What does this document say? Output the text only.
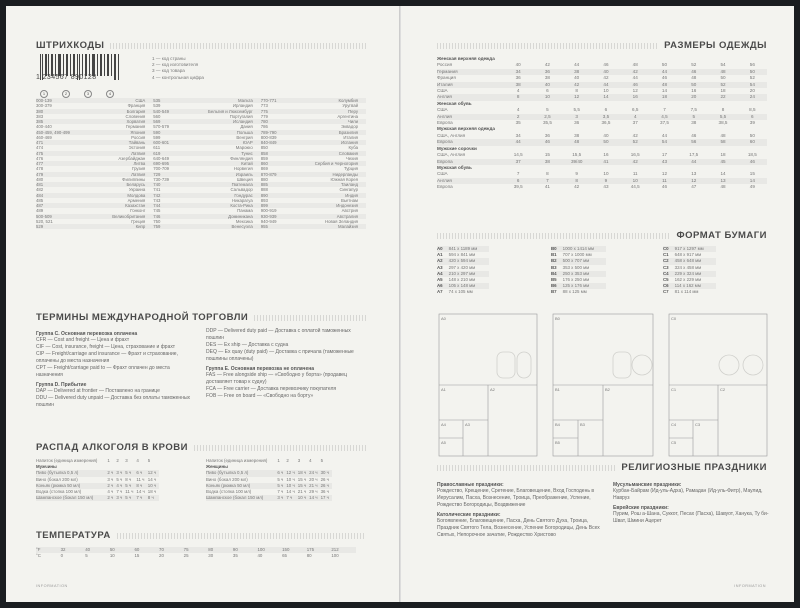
ШТРИХКОДЫ
1 234567 890128
1	2	3	4
1 — код страны
2 — код изготовителя
3 — код товара
4 — контрольная цифра
000-139	США	535	Мальта	770-771	Колумбия
300-379	Франция	539	Ирландия	773	Уругвай
380	Болгария	540-549	Бельгия и Люксембург	775	Перу
383	Словения	560	Португалия	779	Аргентина
385	Хорватия	569	Исландия	780	Чили
400-440	Германия	570-579	Дания	786	Эквадор
450-459, 490-499	Япония	590	Польша	789-790	Бразилия
460-469	Россия	599	Венгрия	800-839	Италия
471	Тайвань	600-601	ЮАР	840-849	Испания
474	Эстония	611	Марокко	850	Куба
475	Латвия	619	Тунис	858	Словакия
476	Азербайджан	640-649	Финляндия	859	Чехия
477	Литва	690-695	Китай	860	Сербия и Черногория
478	Грузия	700-709	Норвегия	869	Турция
479	Латвия	729	Израиль	870-879	Нидерланды
480	Филиппины	730-739	Швеция	880	Южная Корея
481	Беларусь	740	Гватемала	885	Таиланд
482	Украина	741	Сальвадор	888	Сингапур
484	Молдова	742	Гондурас	890	Индия
485	Армения	743	Никарагуа	893	Вьетнам
487	Казахстан	744	Коста-Рика	899	Индонезия
489	Гонконг	745	Панама	900-919	Австрия
500-509	Великобритания	746	Доминикана	930-939	Австралия
520, 521	Греция	750	Мексика	940-949	Новая Зеландия
529	Кипр	759	Венесуэла	955	Малайзия
ТЕРМИНЫ МЕЖДУНАРОДНОЙ ТОРГОВЛИ
Группа C. Основная перевозка оплачена
CFR — Cost and freight — Цена и фрахт
CIF — Cost, insurance, freight — Цена, страхование и фрахт
CIP — Freight/carriage and insurance — Фрахт и страхование, оплачены до места назначения
CPT — Freight/carriage paid to — Фрахт оплачен до места назначения
Группа D. Прибытие
DAP — Delivered at frontier — Поставлено на границе
DDU — Delivered duty unpaid — Доставка без оплаты таможенных пошлин
DDP — Delivered duty paid — Доставка с оплатой таможенных пошлин
DES — Ex ship — Доставка с судна
DEQ — Ex quay (duty paid) — Доставка с причала (таможенные пошлины оплачены)
Группа E. Основная перевозка не оплачена
FAS — Free alongside ship — «Свободно у борта» (продавец доставляет товар к судну)
FCA — Free carrier — Доставка перевозчику покупателя
FOB — Free on board — «Свободно на борту»
РАСПАД АЛКОГОЛЯ В КРОВИ
Напиток (единица измерения)	1	2	3	4	5
Мужчины					
Пиво (бутылка 0,5 л)	2 ч	3 ч	5 ч	6 ч	12 ч
Вино (бокал 200 мл)	3 ч	5 ч	8 ч	11 ч	14 ч
Коньяк (рюмка 50 мл)	2 ч	4 ч	5 ч	8 ч	10 ч
Водка (стопка 100 мл)	4 ч	7 ч	11 ч	14 ч	18 ч
Шампанское (бокал 150 мл)	2 ч	3 ч	5 ч	7 ч	8 ч
Напиток (единица измерения)	1	2	3	4	5
Женщины					
Пиво (бутылка 0,5 л)	6 ч	12 ч	18 ч	24 ч	30 ч
Вино (бокал 200 мл)	5 ч	10 ч	15 ч	20 ч	26 ч
Коньяк (рюмка 50 мл)	5 ч	10 ч	15 ч	21 ч	26 ч
Водка (стопка 100 мл)	7 ч	14 ч	21 ч	29 ч	36 ч
Шампанское (бокал 150 мл)	3 ч	7 ч	10 ч	14 ч	17 ч
ТЕМПЕРАТУРА
°F	32	40	50	60	70	75	80	90	100	150	175	212
°C	0	5	10	15	20	25	30	35	40	65	80	100
INFORMATION
РАЗМЕРЫ ОДЕЖДЫ
Женская верхняя одежда									
Россия	40	42	44	46	48	50	52	54	56
Германия	34	36	38	40	42	44	46	48	50
Франция	36	38	40	42	44	46	48	50	52
Италия	38	40	42	44	46	48	50	52	54
США	4	6	8	10	12	14	16	18	20
Англия	8	10	12	14	16	18	20	22	24
Женская обувь									
США	4	5	5,5	6	6,5	7	7,5	8	8,5
Англия	2	2,5	3	3,5	4	4,5	5	5,5	6
Европа	35	35,5	36	36,5	37	37,5	38	38,5	39
Мужская верхняя одежда									
США, Англия	34	36	38	40	42	44	46	48	50
Европа	44	46	48	50	52	54	56	58	60
Мужские сорочки									
США, Англия	14,5	15	15,5	16	16,5	17	17,5	18	18,5
Европа	37	38	39/40	41	42	43	44	45	46
Мужская обувь									
США	7	8	9	10	11	12	13	14	15
Англия	6	7	8	9	10	11	12	13	14
Европа	39,5	41	42	43	44,5	46	47	48	49
ФОРМАТ БУМАГИ
A0	841 x 1189 мм
A1	594 x 841 мм
A2	420 x 594 мм
A3	297 x 420 мм
A4	210 x 297 мм
A5	148 x 210 мм
A6	105 x 148 мм
A7	74 x 105 мм
B0	1000 x 1414 мм
B1	707 x 1000 мм
B2	500 x 707 мм
B3	353 x 500 мм
B4	250 x 353 мм
B5	176 x 250 мм
B6	125 x 176 мм
B7	88 x 125 мм
C0	917 x 1297 мм
C1	648 x 917 мм
C2	458 x 648 мм
C3	324 x 458 мм
C4	229 x 324 мм
C5	162 x 229 мм
C6	114 x 162 мм
C7	81 x 114 мм
A0
A1	A2
A3
A4
A5
B0
B1	B2
B3
B4
B5
C0
C1	C2
C3
C4
C5
РЕЛИГИОЗНЫЕ ПРАЗДНИКИ
Православные праздники:
Рождество, Крещение, Сретение, Благовещение, Вход Господень в Иерусалим, Пасха, Вознесение, Троица, Преображение, Успение, Рождество Богородицы, Воздвижение
Католические праздники:
Богоявление, Благовещение, Пасха, День Святого Духа, Троица, Праздник Святого Тела, Вознесение, Успение Богородицы, День Всех Святых, Непорочное зачатие, Рождество Христово
Мусульманские праздники:
Курбан-Байрам (Ид-уль-Адха), Рамадан (Ид-уль-Фитр), Маулид, Навруз
Еврейские праздники:
Пурим, Рош а-Шана, Суккот, Песах (Пасха), Шавуот, Ханука, Ту би-Шват, Шмини Ацерет
INFORMATION
